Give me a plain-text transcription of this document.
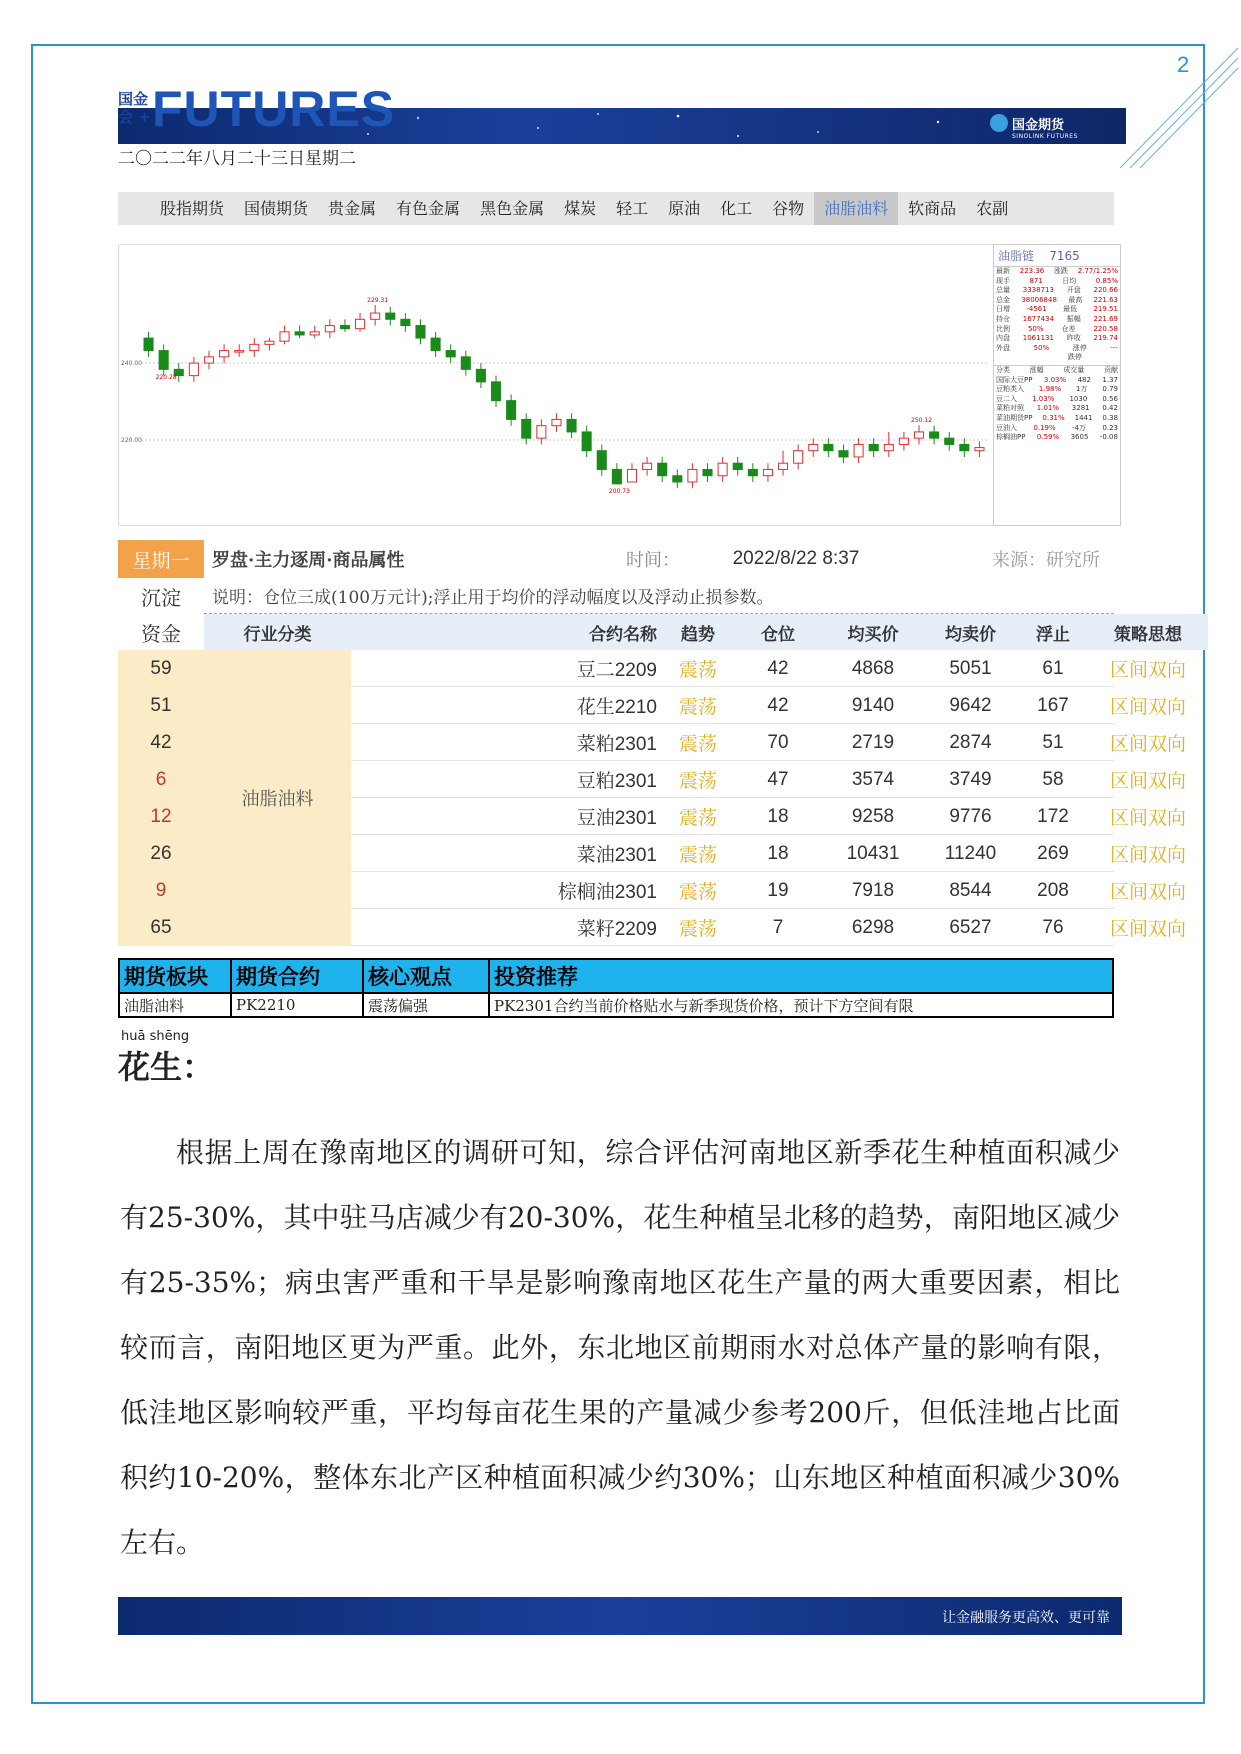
2
国金
会 + FUTURES	国金期货
SINOLINK FUTURES
二〇二二年八月二十三日星期二
股指期货	国债期货	贵金属	有色金属	黑色金属	煤炭	轻工	原油	化工	谷物	油脂油料	软商品	农副
240.00
220.00
229.31
220.28
250.12
200.73
油脂链 7165
最新 223.36 涨跌 2.77/1.25%
现手	871	日均	0.85%
总量 3338713 开盘 220.66
总金 38006848 最高 221.63
日增 -4561 最低 219.51
持仓 1677434 振幅 221.69
比例	50%	仓差	220.58
内盘 1061131 昨收 219.74
外盘	50%	涨停	---
跌停
分类	涨幅	成交量	贡献
国际大豆PP 3.03% 482 1.37
豆粕类入 1.98% 1万 0.79
豆二入 1.03% 1030 0.56
菜粕对照 1.01% 3281 0.42
菜油期货PP 0.31% 1441 0.38
豆油入 0.19% -4万 0.23
棕榈油PP 0.59% 3605 -0.08
星期一	罗盘·主力逐周·商品属性	时间：	2022/8/22 8:37	来源：研究所
沉淀	说明：仓位三成(100万元计);浮止用于均价的浮动幅度以及浮动止损参数。
资金	行业分类	合约名称	趋势	仓位	均买价	均卖价	浮止	策略思想
59	豆二2209	震荡	42	4868	5051	61	区间双向
51	花生2210	震荡	42	9140	9642	167	区间双向
42	菜粕2301	震荡	70	2719	2874	51	区间双向
6	豆粕2301	震荡	47	3574	3749	58	区间双向
12	豆油2301	震荡	18	9258	9776	172	区间双向
26	菜油2301	震荡	18	10431	11240	269	区间双向
9	棕榈油2301	震荡	19	7918	8544	208	区间双向
65	菜籽2209	震荡	7	6298	6527	76	区间双向
油脂油料
期货板块	期货合约	核心观点	投资推荐
油脂油料	PK2210	震荡偏强	PK2301合约当前价格贴水与新季现货价格，预计下方空间有限
huā shēng
花生：
根据上周在豫南地区的调研可知，综合评估河南地区新季花生种植面积减少有25-30%，其中驻马店减少有20-30%，花生种植呈北移的趋势，南阳地区减少有25-35%；病虫害严重和干旱是影响豫南地区花生产量的两大重要因素，相比较而言，南阳地区更为严重。此外，东北地区前期雨水对总体产量的影响有限，低洼地区影响较严重，平均每亩花生果的产量减少参考200斤，但低洼地占比面积约10-20%，整体东北产区种植面积减少约30%；山东地区种植面积减少30%左右。
让金融服务更高效、更可靠
